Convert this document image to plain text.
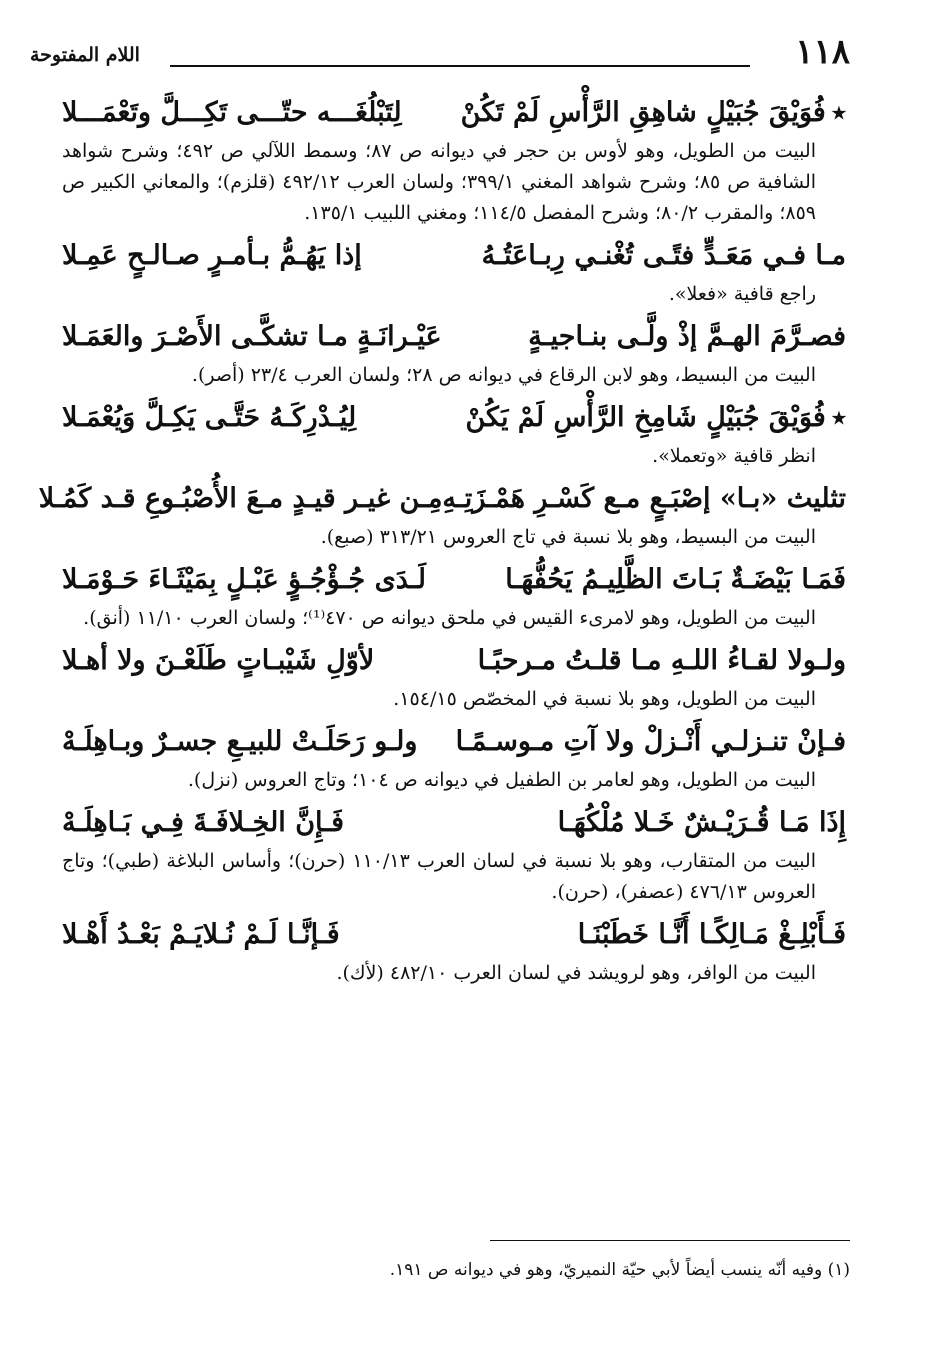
١١٨
اللام المفتوحة
٭فُوَيْقَ جُبَيْلٍ شاهِقِ الرَّأْسِ لَمْ تَكُنْ
لِتَبْلُغَـــه حتّـــى تَكِـــلَّ وتَعْمَـــلا
البيت من الطويل، وهو لأوس بن حجر في ديوانه ص ٨٧؛ وسمط اللآلي ص ٤٩٢؛ وشرح شواهد الشافية ص ٨٥؛ وشرح شواهد المغني ٣٩٩/١؛ ولسان العرب ٤٩٢/١٢ (قلزم)؛ والمعاني الكبير ص ٨٥٩؛ والمقرب ٨٠/٢؛ وشرح المفصل ١١٤/٥؛ ومغني اللبيب ١٣٥/١.
مـا فـي مَعَـدٍّ فتًـى تُغْنـي رِبـاعَتُـهُ
إذا يَهُـمُّ بـأمـرٍ صـالـحٍ عَمِـلا
راجع قافية «فعلا».
فصـرَّمَ الهـمَّ إذْ ولَّـى بنـاجيـةٍ
عَيْـرانَـةٍ مـا تشكَّـى الأَصْـرَ والعَمَـلا
البيت من البسيط، وهو لابن الرقاع في ديوانه ص ٢٨؛ ولسان العرب ٢٣/٤ (أصر).
٭فُوَيْقَ جُبَيْلٍ شَامِخِ الرَّأْسِ لَمْ يَكُنْ
لِيُـدْرِكَـهُ حَتَّـى يَكِـلَّ وَيُعْمَـلا
انظر قافية «وتعملا».
تثليث «بـا» إصْبَـعٍ مـع كَسْـرِ هَمْـزَتِـهِ
مِـن غيـر قيـدٍ مـعَ الأُصْبُـوعِ قـد كَمُـلا
البيت من البسيط، وهو بلا نسبة في تاج العروس ٣١٣/٢١ (صبع).
فَمَـا بَيْضَـةٌ بَـاتَ الظَّلِيـمُ يَحُفُّهَـا
لَـدَى جُـؤْجُـؤٍ عَبْـلٍ بِمَيْثَـاءَ حَـوْمَـلا
البيت من الطويل، وهو لامرىء القيس في ملحق ديوانه ص ٤٧٠⁽¹⁾؛ ولسان العرب ١١/١٠ (أنق).
ولـولا لقـاءُ اللـهِ مـا قلـتُ مـرحبًـا
لأوّلِ شَيْبـاتٍ طَلَعْـنَ ولا أهـلا
البيت من الطويل، وهو بلا نسبة في المخصّص ١٥٤/١٥.
فـإنْ تنـزلـي أَنْـزلْ ولا آتِ مـوسـمًـا
ولـو رَحَلَـتْ للبيـعِ جسـرٌ وبـاهِلَـهْ
البيت من الطويل، وهو لعامر بن الطفيل في ديوانه ص ١٠٤؛ وتاج العروس (نزل).
إِذَا مَـا قُـرَيْـشٌ خَـلا مُلْكُهَـا
فَـإِنَّ الخِـلافَـةَ فِـي بَـاهِلَـهْ
البيت من المتقارب، وهو بلا نسبة في لسان العرب ١١٠/١٣ (حرن)؛ وأساس البلاغة (طبي)؛ وتاج العروس ٤٧٦/١٣ (عصفر)، (حرن).
فَـأَبْلِـغْ مَـالِكًـا أَنَّـا خَطَبْنَـا
فَـإنَّـا لَـمْ نُـلايَـمْ بَعْـدُ أَهْـلا
البيت من الوافر، وهو لرويشد في لسان العرب ٤٨٢/١٠ (لأك).
(١) وفيه أنّه ينسب أيضاً لأبي حيّة النميريّ، وهو في ديوانه ص ١٩١.
